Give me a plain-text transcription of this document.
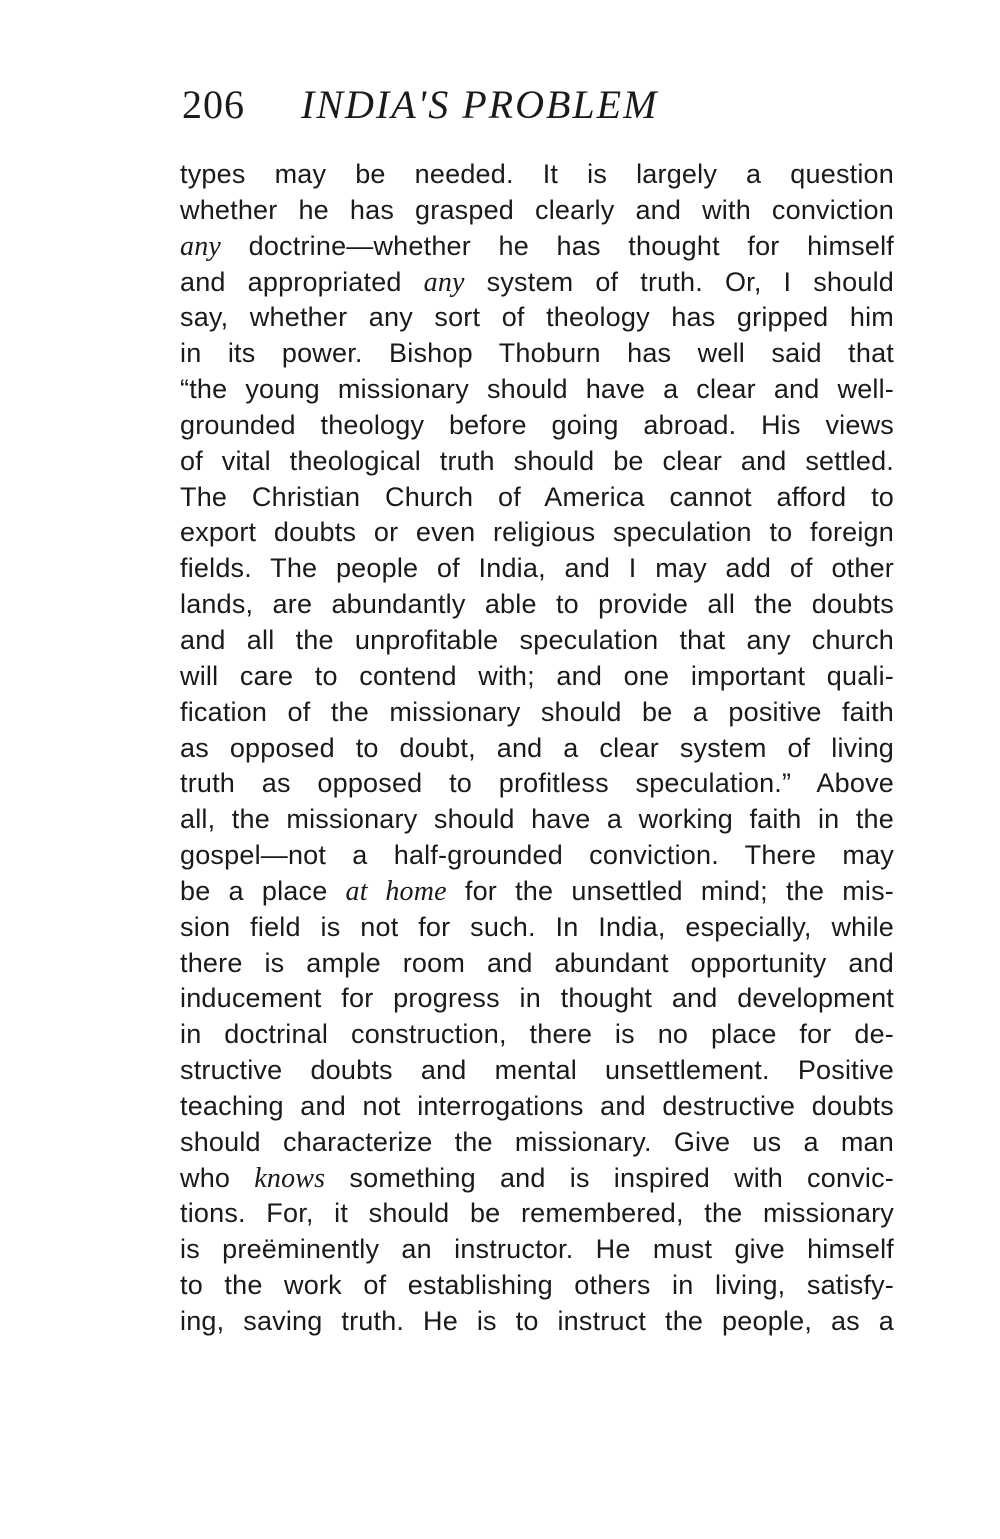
206 INDIA'S PROBLEM
types may be needed. It is largely a question
whether he has grasped clearly and with conviction
any doctrine—whether he has thought for himself
and appropriated any system of truth. Or, I should
say, whether any sort of theology has gripped him
in its power. Bishop Thoburn has well said that
“the young missionary should have a clear and well-
grounded theology before going abroad. His views
of vital theological truth should be clear and settled.
The Christian Church of America cannot afford to
export doubts or even religious speculation to foreign
fields. The people of India, and I may add of other
lands, are abundantly able to provide all the doubts
and all the unprofitable speculation that any church
will care to contend with; and one important quali-
fication of the missionary should be a positive faith
as opposed to doubt, and a clear system of living
truth as opposed to profitless speculation.” Above
all, the missionary should have a working faith in the
gospel—not a half-grounded conviction. There may
be a place at home for the unsettled mind; the mis-
sion field is not for such. In India, especially, while
there is ample room and abundant opportunity and
inducement for progress in thought and development
in doctrinal construction, there is no place for de-
structive doubts and mental unsettlement. Positive
teaching and not interrogations and destructive doubts
should characterize the missionary. Give us a man
who knows something and is inspired with convic-
tions. For, it should be remembered, the missionary
is preëminently an instructor. He must give himself
to the work of establishing others in living, satisfy-
ing, saving truth. He is to instruct the people, as a
